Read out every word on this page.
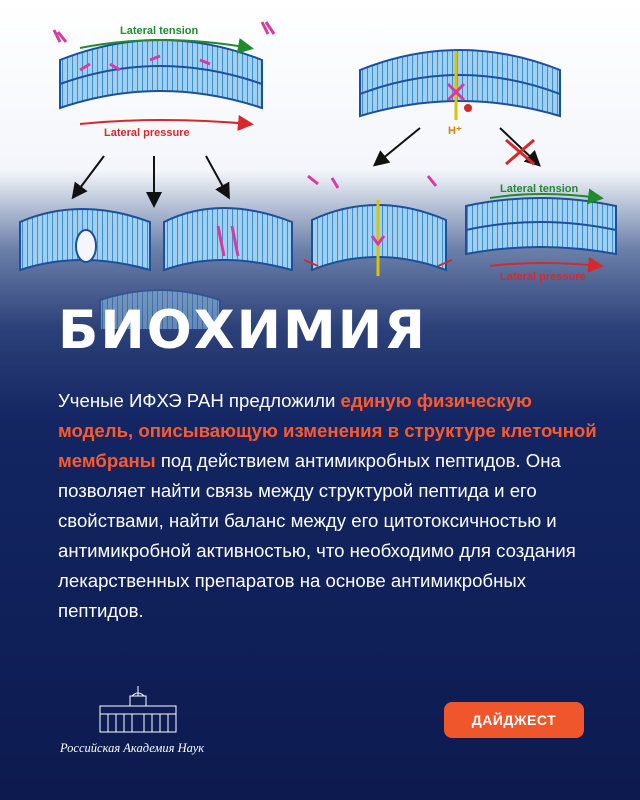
Lateral tension
Lateral pressure	H⁺
Lateral tension
Lateral pressure
БИОХИМИЯ

Ученые ИФХЭ РАН предложили единую физическую модель, описывающую изменения в структуре клеточной мембраны под действием антимикробных пептидов. Она позволяет найти связь между структурой пептида и его свойствами, найти баланс между его цитотоксичностью и антимикробной активностью, что необходимо для создания лекарственных препаратов на основе антимикробных пептидов.

Российская Академия Наук
ДАЙДЖЕСТ
